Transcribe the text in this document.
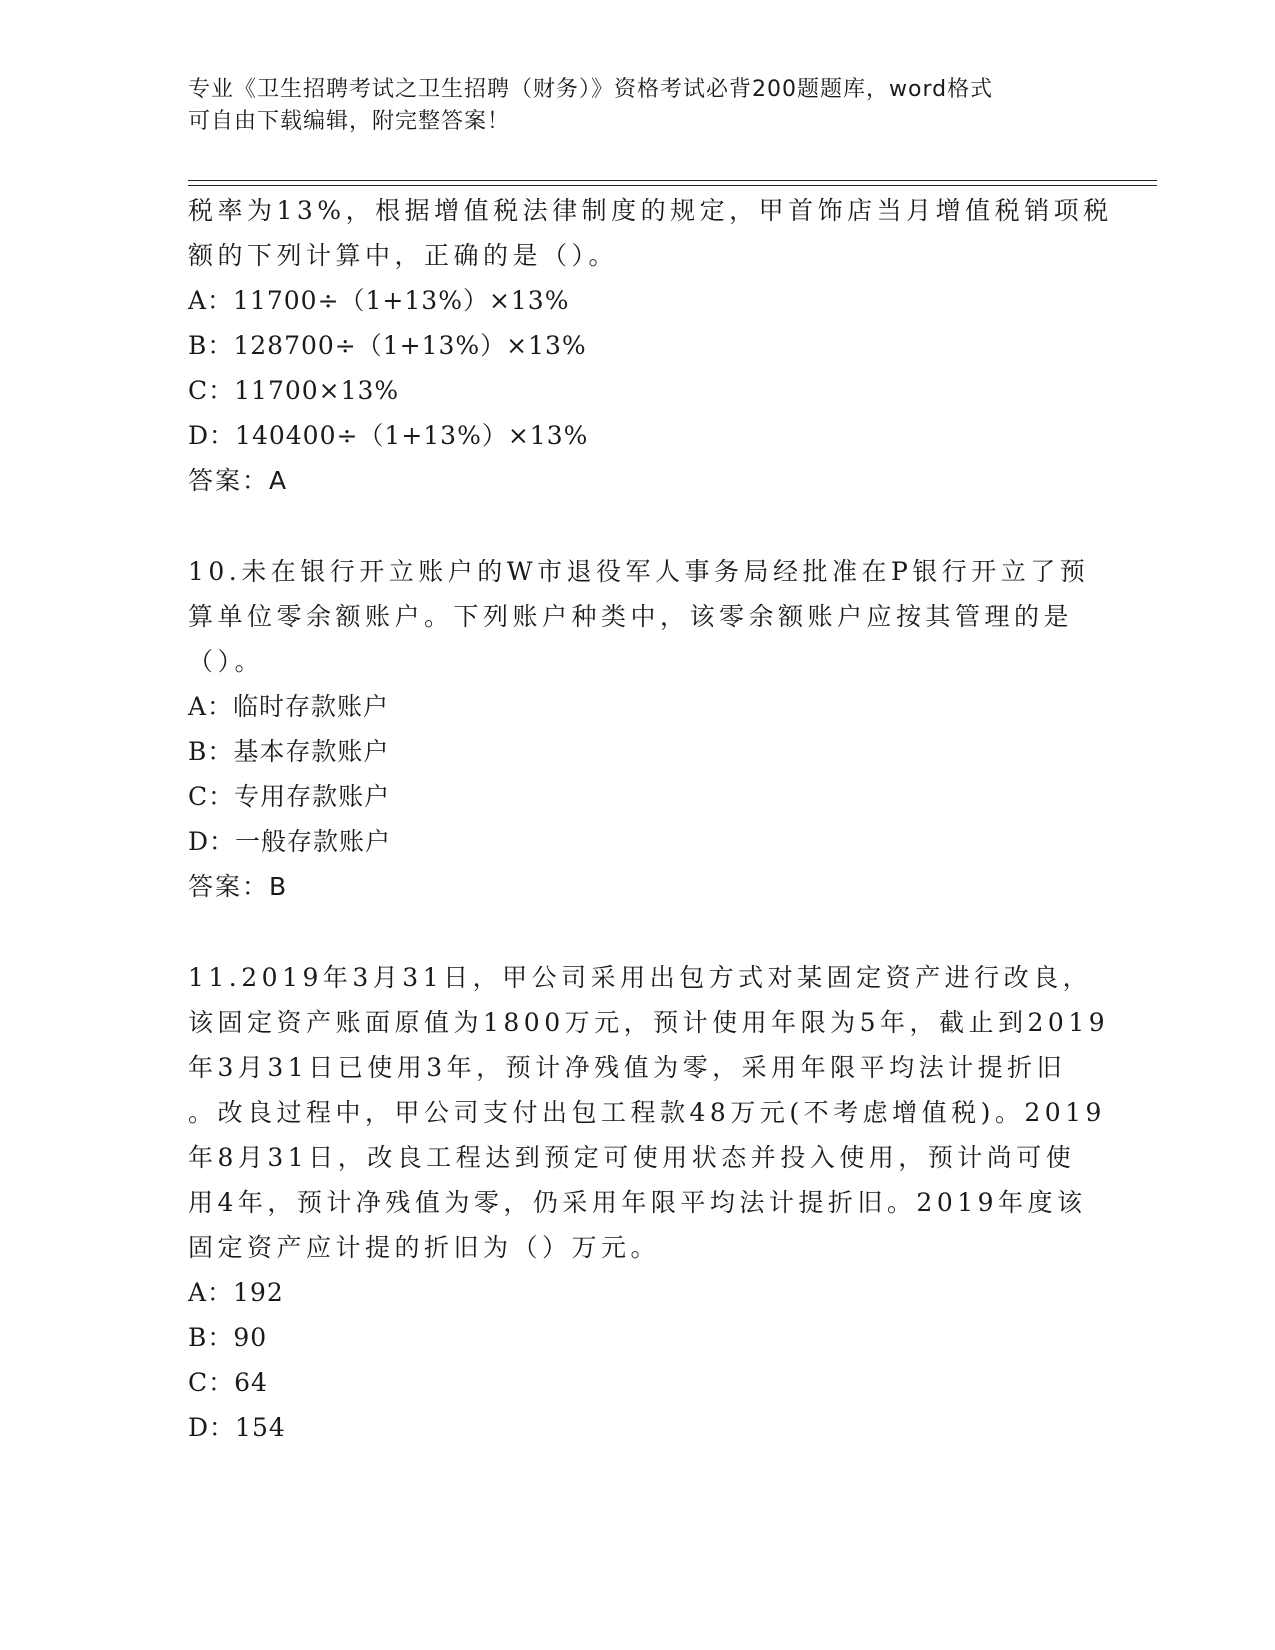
专业《卫生招聘考试之卫生招聘（财务）》资格考试必背200题题库，word格式
可自由下载编辑，附完整答案！
税率为13%，根据增值税法律制度的规定，甲首饰店当月增值税销项税
额的下列计算中，正确的是（）。
A：11700÷（1+13%）×13%
B：128700÷（1+13%）×13%
C：11700×13%
D：140400÷（1+13%）×13%
答案：A
10.未在银行开立账户的W市退役军人事务局经批准在P银行开立了预
算单位零余额账户。下列账户种类中，该零余额账户应按其管理的是
（）。
A：临时存款账户
B：基本存款账户
C：专用存款账户
D：一般存款账户
答案：B
11.2019年3月31日，甲公司采用出包方式对某固定资产进行改良，
该固定资产账面原值为1800万元，预计使用年限为5年，截止到2019
年3月31日已使用3年，预计净残值为零，采用年限平均法计提折旧
。改良过程中，甲公司支付出包工程款48万元(不考虑增值税)。2019
年8月31日，改良工程达到预定可使用状态并投入使用，预计尚可使
用4年，预计净残值为零，仍采用年限平均法计提折旧。2019年度该
固定资产应计提的折旧为（）万元。
A：192
B：90
C：64
D：154
